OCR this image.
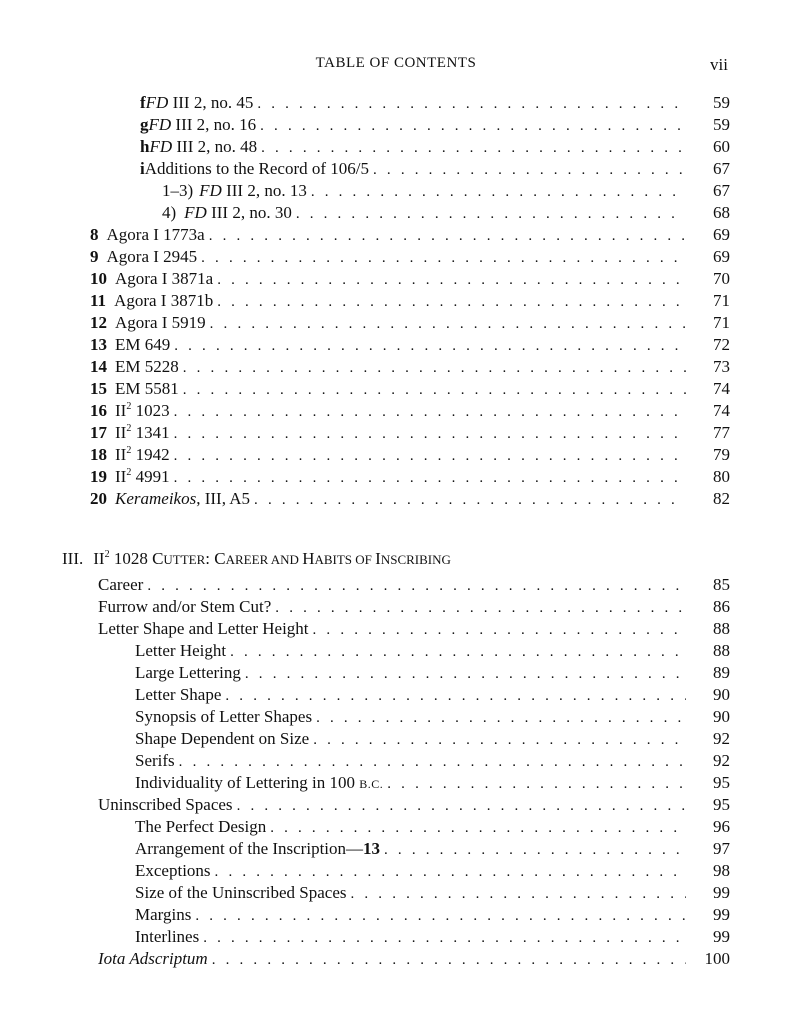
TABLE OF CONTENTS	vii
f FD III 2, no. 45 . . .	59
g FD III 2, no. 16 . . .	59
h FD III 2, no. 48 . . .	60
i Additions to the Record of 106/5 . . .	67
1–3) FD III 2, no. 13 . . .	67
4) FD III 2, no. 30 . . .	68
8 Agora I 1773a . . .	69
9 Agora I 2945 . . .	69
10 Agora I 3871a . . .	70
11 Agora I 3871b . . .	71
12 Agora I 5919 . . .	71
13 EM 649 . . .	72
14 EM 5228 . . .	73
15 EM 5581 . . .	74
16 $II^2$ 1023 . . .	74
17 $II^2$ 1341 . . .	77
18 $II^2$ 1942 . . .	79
19 $II^2$ 4991 . . .	80
20 Kerameikos, III, A5 . . .	82
III. $II^2$ 1028 CUTTER: CAREER AND HABITS OF INSCRIBING
Career . . .	85
Furrow and/or Stem Cut? . . .	86
Letter Shape and Letter Height . . .	88
Letter Height . . .	88
Large Lettering . . .	89
Letter Shape . . .	90
Synopsis of Letter Shapes . . .	90
Shape Dependent on Size . . .	92
Serifs . . .	92
Individuality of Lettering in 100 B.C. . . .	95
Uninscribed Spaces . . .	95
The Perfect Design . . .	96
Arrangement of the Inscription—13 . . .	97
Exceptions . . .	98
Size of the Uninscribed Spaces . . .	99
Margins . . .	99
Interlines . . .	99
Iota Adscriptum . . .	100
